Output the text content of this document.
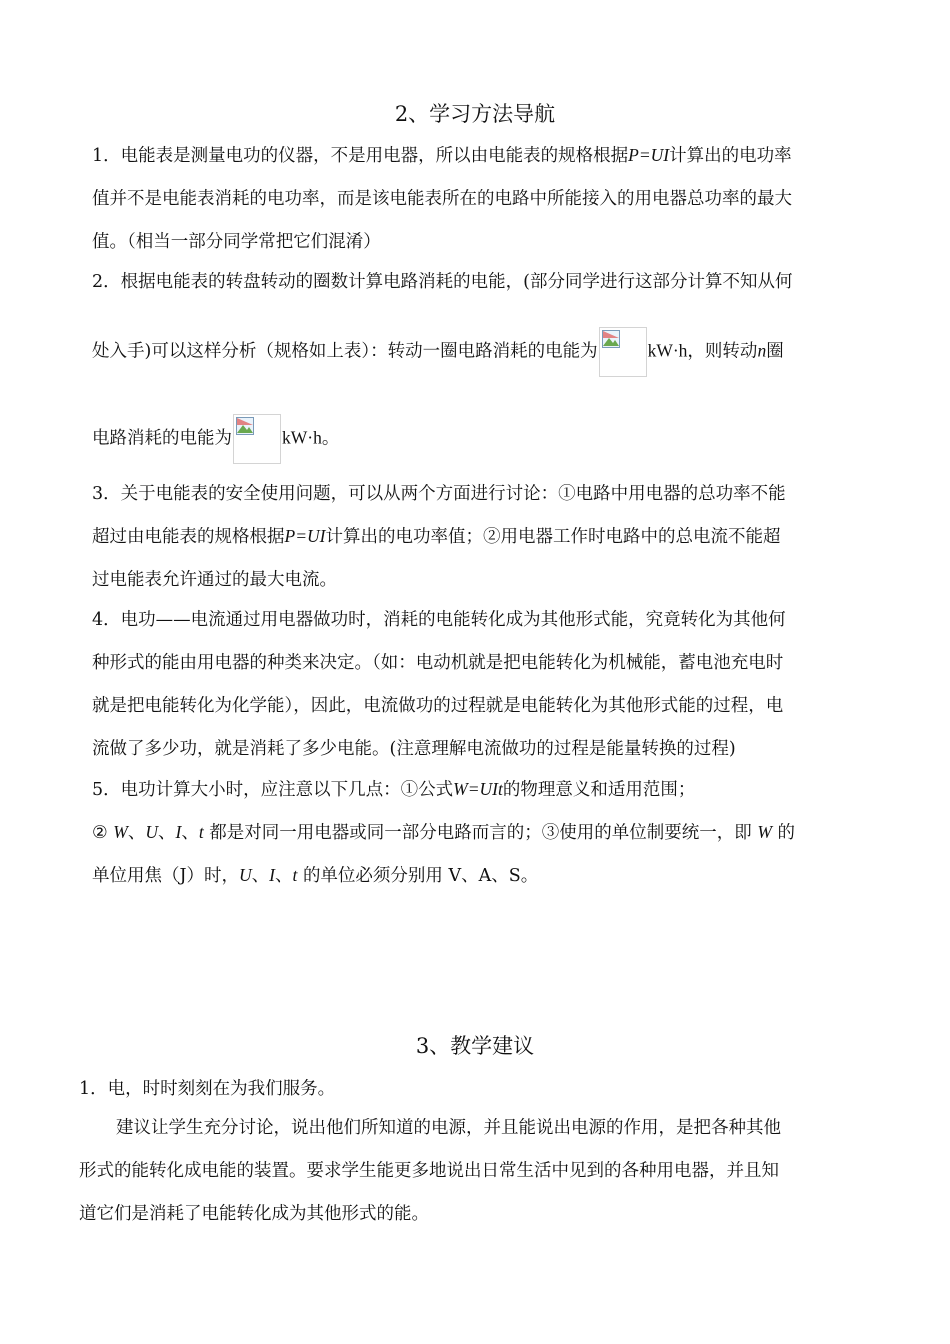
2、学习方法导航
1．电能表是测量电功的仪器，不是用电器，所以由电能表的规格根据P=UI计算出的电功率
值并不是电能表消耗的电功率，而是该电能表所在的电路中所能接入的用电器总功率的最大
值。（相当一部分同学常把它们混淆）
2．根据电能表的转盘转动的圈数计算电路消耗的电能，(部分同学进行这部分计算不知从何
处入手)可以这样分析（规格如上表）：转动一圈电路消耗的电能为	kW·h，则转动n圈
电路消耗的电能为	kW·h。
3．关于电能表的安全使用问题，可以从两个方面进行讨论：①电路中用电器的总功率不能
超过由电能表的规格根据P=UI计算出的电功率值；②用电器工作时电路中的总电流不能超
过电能表允许通过的最大电流。
4．电功——电流通过用电器做功时，消耗的电能转化成为其他形式能，究竟转化为其他何
种形式的能由用电器的种类来决定。（如：电动机就是把电能转化为机械能，蓄电池充电时
就是把电能转化为化学能），因此，电流做功的过程就是电能转化为其他形式能的过程，电
流做了多少功，就是消耗了多少电能。(注意理解电流做功的过程是能量转换的过程)
5．电功计算大小时，应注意以下几点：①公式W=UIt的物理意义和适用范围；
② W、U、I、t 都是对同一用电器或同一部分电路而言的；③使用的单位制要统一，即 W 的
单位用焦（J）时，U、I、t 的单位必须分别用 V、A、S。
3、教学建议
1．电，时时刻刻在为我们服务。
建议让学生充分讨论，说出他们所知道的电源，并且能说出电源的作用，是把各种其他
形式的能转化成电能的装置。要求学生能更多地说出日常生活中见到的各种用电器，并且知
道它们是消耗了电能转化成为其他形式的能。
